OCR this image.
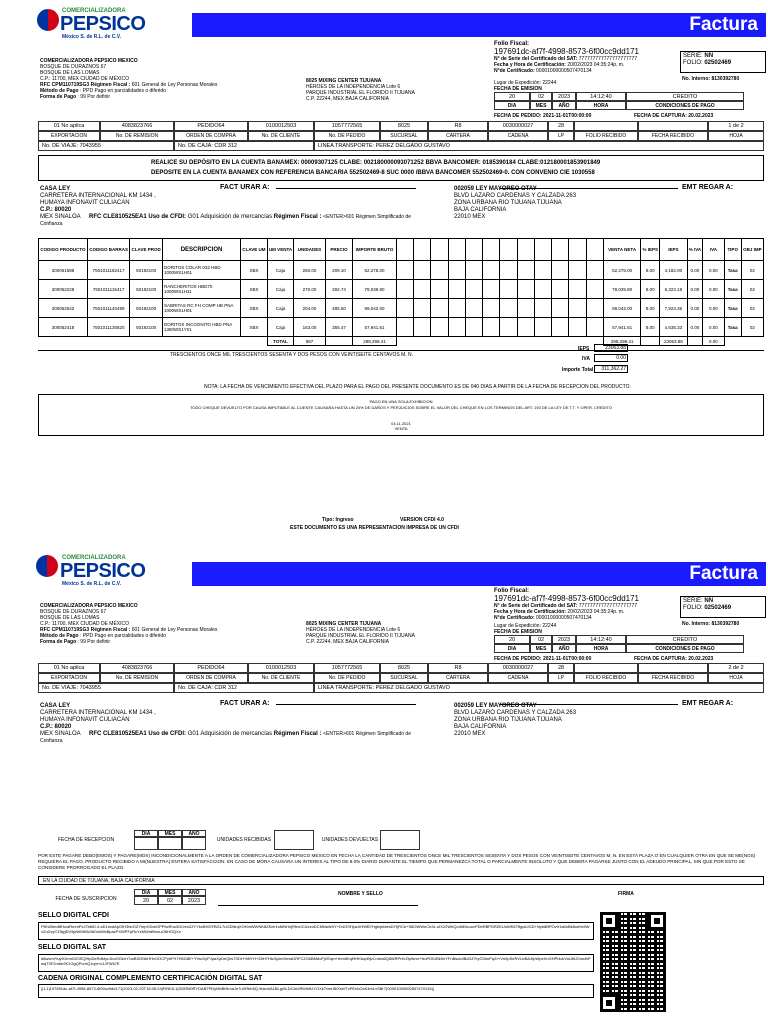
COMERCIALIZADORA
PEPSICO
México S. de R.L. de C.V.
Factura
COMERCIALIZADORA PEPSICO MEXICO
BOSQUE DE DURAZNOS 67
BOSQUE DE LAS LOMAS
C.P.: 11700, MEX CIUDAD DE MÉXICO
RFC CPM110719SG3 Régimen Fiscal : 601 General de Ley Personas Morales
Método de Pago : PPD Pago en parcialidades o diferido
Forma de Pago : 99 Por definir
8025 MIXING CENTER TIJUANA
HÉROES DE LA INDEPENDENCIA Lote 6
PARQUE INDUSTRIAL EL FLORIDO II TIJUANA
C.P. 22244, MEX BAJA CALIFORNIA
Folio Fiscal:
197691dc-af7f-4998-8573-6f00cc9dd171
N° de Serie del Certificado del SAT: 777777777777777777777
Fecha y Hora de Certificación: 20/02/2023 04:35:24p. m.
N°de Certificado: 00001000000507470134
SERIE: NN
FOLIO: 02502469
No. Interno: 8130392780
Lugar de Expedición: 22244
FECHA DE EMISION
20	02	2023	14:12:40	CREDITO
DIA	MES	AÑO	HORA	CONDICIONES DE PAGO
FECHA DE PEDIDO: 2021-11-01T00:00:00	FECHA DE CAPTURA: 20.02.2023
01 No aplica	4083823766	PEDIDO64	0100012503	1057772565	8025	R8	0030000027	28	1 de 2
EXPORTACION	No. DE REMISION	ORDEN DE COMPRA	No. DE CLIENTE	No. DE PEDIDO	SUCURSAL	CARTERA	CADENA	LP	FOLIO RECIBIDO	FECHA RECIBIDO	HOJA
No. DE VIAJE: 7043955	No. DE CAJA: CDR 312	LINEA TRANSPORTE: PEREZ DELGADO GUSTAVO
REALICE SU DEPÓSITO EN LA CUENTA BANAMEX: 00009307125 CLABE: 002180000093071252 BBVA BANCOMER: 0185390184 CLABE:012180001853901849
DEPOSITE EN LA CUENTA BANAMEX CON REFERENCIA BANCARIA 552502469-8 SUC 0000 /BBVA BANCOMER 552502469-0. CON CONVENIO CIE 1030558
FACT URAR A:	EMT REGAR A:
CASA LEY
CARRETERA INTERNACIONAL KM 1434 ,
HUMAYA INFONAVIT CULIACAN
C.P.: 80020
MEX SINALOA RFC CLE810525EA1 Uso de CFDI: G01 Adquisición de mercancías Régimen Fiscal : <ENTER>601 Régimen Simplificado de Confianza
002059 LEY MAYOREO OTAY
BLVD LAZARO CARDENAS Y CALZADA 263
ZONA URBANA RIO TIJUANA TIJUANA
BAJA CALIFORNIA
22010 MEX
CODIGO PRODUCTO	CODIGO BARRAS	CLAVE PROD	DESCRIPCION	CLAVE UM	UM VENTA	UNIDADES	PRECIO	IMPORTE BRUTO													VENTA NETA	% IEPS	IEPS	% IVA	IVA	TIPO	OBJ IMP
300051588	7501011182417	50192100	DORITOS COLAR 032 HBD 1000WS1H01	XBX	Caja	250.00	209.10	52,275.00													52,275.00	8.00	4,182.00	0.00	0.00	Tasa	02
300052228	7501011115417	50192100	RANCHERITOS HBD70 1000WS1H11	XBX	Caja	270.00	292.74	79,039.80													79,039.80	8.00	6,323.18	0.00	0.00	Tasa	02
300052542	7501011140499	50192100	SABRITAS RC FH COMP HB PNA 1000WS1H01	XBX	Caja	204.00	485.50	99,042.00													99,042.00	8.00	7,923.36	0.00	0.00	Tasa	02
300052418	7501011130820	50192100	DORITOS INCOGNITO HBD PNA 1380WS1Y01	XBX	Caja	163.00	355.47	57,941.61													57,941.61	8.00	4,635.33	0.00	0.00	Tasa	02
					TOTAL	887		288,298.41													288,298.41		23063.88		0.00		
TRESCIENTOS ONCE MIL TRESCIENTOS SESENTA Y DOS PESOS CON VEINTISEITE CENTAVOS M. N.
IEPS	23063.88
IVA	0.00
Importe Total	311,362.27
NOTA: LA FECHA DE VENCIMIENTO EFECTIVA DEL PLAZO PARA EL PAGO DEL PRESENTE DOCUMENTO ES DE 040 DIAS A PARTIR DE LA FECHA DE RECEPCION DEL PRODUCTO.
PAGO EN UNA SOLA EXHIBICION
TODO CHEQUE DEVUELTO POR CAUSA IMPUTABLE AL CLIENTE CAUSARA HASTA UN 20% DE DAÑOS Y PERJUICIOS SOBRE EL VALOR DEL CHEQUE EN LOS TERMINOS DEL ART. 193 DE LA LEY DE T.T. Y OPER. CREDITO
04.11.2021
VENTA
Tipo: Ingreso	VERSION CFDI 4.0
ESTE DOCUMENTO ES UNA REPRESENTACION IMPRESA DE UN CFDI
COMERCIALIZADORA
PEPSICO
México S. de R.L. de C.V.	Factura
COMERCIALIZADORA PEPSICO MEXICO
BOSQUE DE DURAZNOS 67
BOSQUE DE LAS LOMAS
C.P.: 11700, MEX CIUDAD DE MÉXICO
RFC CPM110719SG3 Régimen Fiscal : 601 General de Ley Personas Morales
Método de Pago : PPD Pago en parcialidades o diferido
Forma de Pago : 99 Por definir
8025 MIXING CENTER TIJUANA
HÉROES DE LA INDEPENDENCIA Lote 6
PARQUE INDUSTRIAL EL FLORIDO II TIJUANA
C.P. 22244, MEX BAJA CALIFORNIA
Folio Fiscal:
197691dc-af7f-4998-8573-6f00cc9dd171
N° de Serie del Certificado del SAT: 777777777777777777777
Fecha y Hora de Certificación: 20/02/2023 04:35:24p. m.
N°de Certificado: 00001000000507470134
SERIE: NN
FOLIO: 02502469
No. Interno: 8130392780
Lugar de Expedición: 22244
FECHA DE EMISION
20	02	2023	14:12:40	CREDITO
DIA	MES	AÑO	HORA	CONDICIONES DE PAGO
FECHA DE PEDIDO: 2021-11-01T00:00:00	FECHA DE CAPTURA: 20.02.2023
01 No aplica	4083823766	PEDIDO64	0100012503	1057772565	8025	R8	0030000027	28	2 de 2
EXPORTACION	No. DE REMISION	ORDEN DE COMPRA	No. DE CLIENTE	No. DE PEDIDO	SUCURSAL	CARTERA	CADENA	LP	FOLIO RECIBIDO	FECHA RECIBIDO	HOJA
No. DE VIAJE: 7043955	No. DE CAJA: CDR 312	LINEA TRANSPORTE: PEREZ DELGADO GUSTAVO
FACT URAR A:	EMT REGAR A:
CASA LEY
CARRETERA INTERNACIONAL KM 1434 ,
HUMAYA INFONAVIT CULIACAN
C.P.: 80020
MEX SINALOA RFC CLE810525EA1 Uso de CFDI: G01 Adquisición de mercancías Régimen Fiscal : <ENTER>601 Régimen Simplificado de Confianza
002059 LEY MAYOREO OTAY
BLVD LAZARO CARDENAS Y CALZADA 263
ZONA URBANA RIO TIJUANA TIJUANA
BAJA CALIFORNIA
22010 MEX
FECHA DE RECEPCION
DIA	MES	AÑO
UNIDADES RECIBIDAS	UNIDADES DEVUELTAS
POR ESTE PAGARE DEBO(EMOS) Y PAGARE(MOS) INCONDICIONALMENTE A LA ORDEN DE COMERCIALIZADORA PEPSICO MEXICO EN FECHA LA CANTIDAD DE TRESCIENTOS ONCE MIL TRESCIENTOS SESENTA Y DOS PESOS CON VEINTISEITE CENTAVOS M. N. EN ESTA PLAZA O EN CUALQUIER OTRA EN QUE SE ME(NOS) REQUIERA EL PAGO. PRODUCTO RECIBIDO A MI(NUESTRA) ENTERA SATISFACCION. EN CASO DE MORA CAUSARA UN INTERES AL TIPO DE 8.0% DIARIO DURANTE EL TIEMPO QUE PERMANEZCA TOTAL O PARCIALMENTE INSOLUTO Y QUE DEBERA PAGARSE JUNTO CON EL ADEUDO PRINCIPAL, SIN QUE POR ESTO SE CONSIDERE PRORROGADO EL PLAZO.
EN LA CIUDAD DE TIJUANA, BAJA CALIFORNIA
FECHA DE SUSCRIPCION
DIA	MES	AÑO
20	02	2023
NOMBRE Y SELLO	FIRMA
SELLO DIGITAL CFDI
PiEvIBmdBHuwRmmPxJ7b6lD.4.aD1ircdApGfH3fzrGZYirrpG0vkGPPbcRns3Gr.bm2ZYYkxBHGFBGL7uGDNrqXOHmWWNK8ZNrrr1sMNHnjRfrcrlCUezoDCMNwfz0Y+D4GSHyaJrHWB7HgfcjebiesDYIjRCb+S8OWWnCh3L.uIX22WhQo4M9cuuxPDbRBPDRZKUuWK67ftgukJGD+Nyb8BPOvfr1a6nBk8uetIv5WvZuGvyTZItiyjDV5jeWM6W4bDoiMfcBpazPXWPFpRcYzMWrdBnnuO6HGQXx
SELLO DIGITAL SAT
d8wvmYtuy9JrrmGZ0SQHlpDeRdbtyc1boOGknY1wBXDNhHHvOOCPyhFH7HKD8f/+Y9rcGyPJpaXpDeQiw7SDH+MiYH+28H7HtcSjAmSmwDRFCZGkB6MoFjVEqm+rbm5Kqf9HKbqd9jvCnrbs6Q8WRPrKrZtpfkmr+NoPDIUBk9nYFnBsdc4BcDZYtyG3ImPqZr+Vn0pSeRVUvBAJtpWpeXnGHPi4ckVuUf6JOaxlhPwqT3F2m6e2K1GgQPcrnQ1qm+c1JFWk7E
CADENA ORIGINAL COMPLEMENTO CERTIFICACIÓN DIGITAL SAT
||1.1|197691dc-af7f-4998-8573-6f00cc9dd171|2023-02-20T16:35:24|FINKIL1|DDRM0RYDAB7PDyMbBHImaJe7uXRbb5Q.9nkmIA1BLgr5LDCAh/RMrMUYOXk7vmrI8/Xm0TxPEnbOxK4mLvSBrT|00001000000507470134||
